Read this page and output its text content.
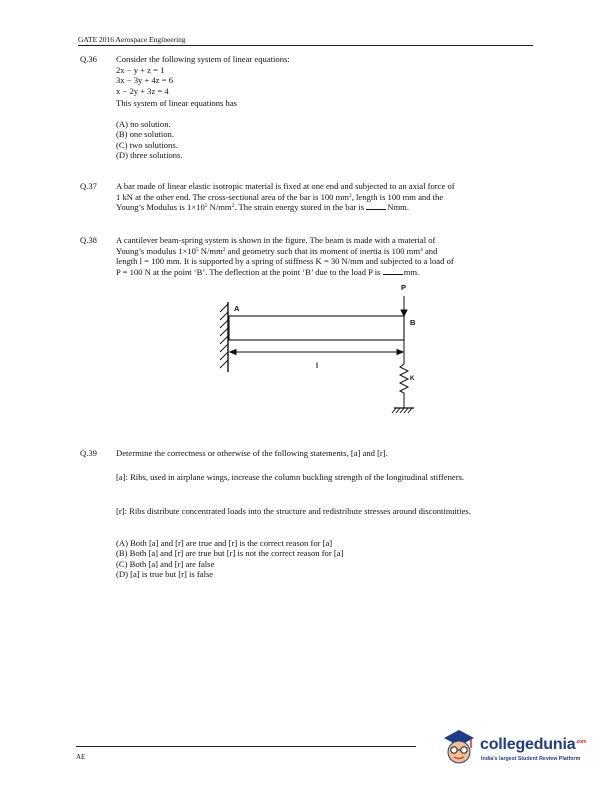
GATE 2016 Aerospace Engineering
Q.36 Consider the following system of linear equations:
2x − y + z = 1
3x − 3y + 4z = 6
x − 2y + 3z = 4
This system of linear equations has
(A) no solution.
(B) one solution.
(C) two solutions.
(D) three solutions.
Q.37 A bar made of linear elastic isotropic material is fixed at one end and subjected to an axial force of
1 kN at the other end. The cross-sectional area of the bar is 100 $mm^2$, length is 100 mm and the
Young’s Modulus is $1\times 10^5$ $N/mm^2$. The strain energy stored in the bar is	Nmm.
Q.38 A cantilever beam-spring system is shown in the figure. The beam is made with a material of
Young’s modulus $1\times 10^5$ $N/mm^2$ and geometry such that its moment of inertia is 100 $mm^4$ and
length l = 100 mm. It is supported by a spring of stiffness K = 30 N/mm and subjected to a load of
P = 100 N at the point ‘B’. The deflection at the point ‘B’ due to the load P is	mm.
P
A
B
l
K
Q.39 Determine the correctness or otherwise of the following statements, [a] and [r].
[a]: Ribs, used in airplane wings, increase the column buckling strength of the longitudinal stiffeners.
[r]: Ribs distribute concentrated loads into the structure and redistribute stresses around discontinuities.
(A) Both [a] and [r] are true and [r] is the correct reason for [a]
(B) Both [a] and [r] are true but [r] is not the correct reason for [a]
(C) Both [a] and [r] are false
(D) [a] is true but [r] is false
AE
collegedunia$^{.com}$
India's largest Student Review Platform
